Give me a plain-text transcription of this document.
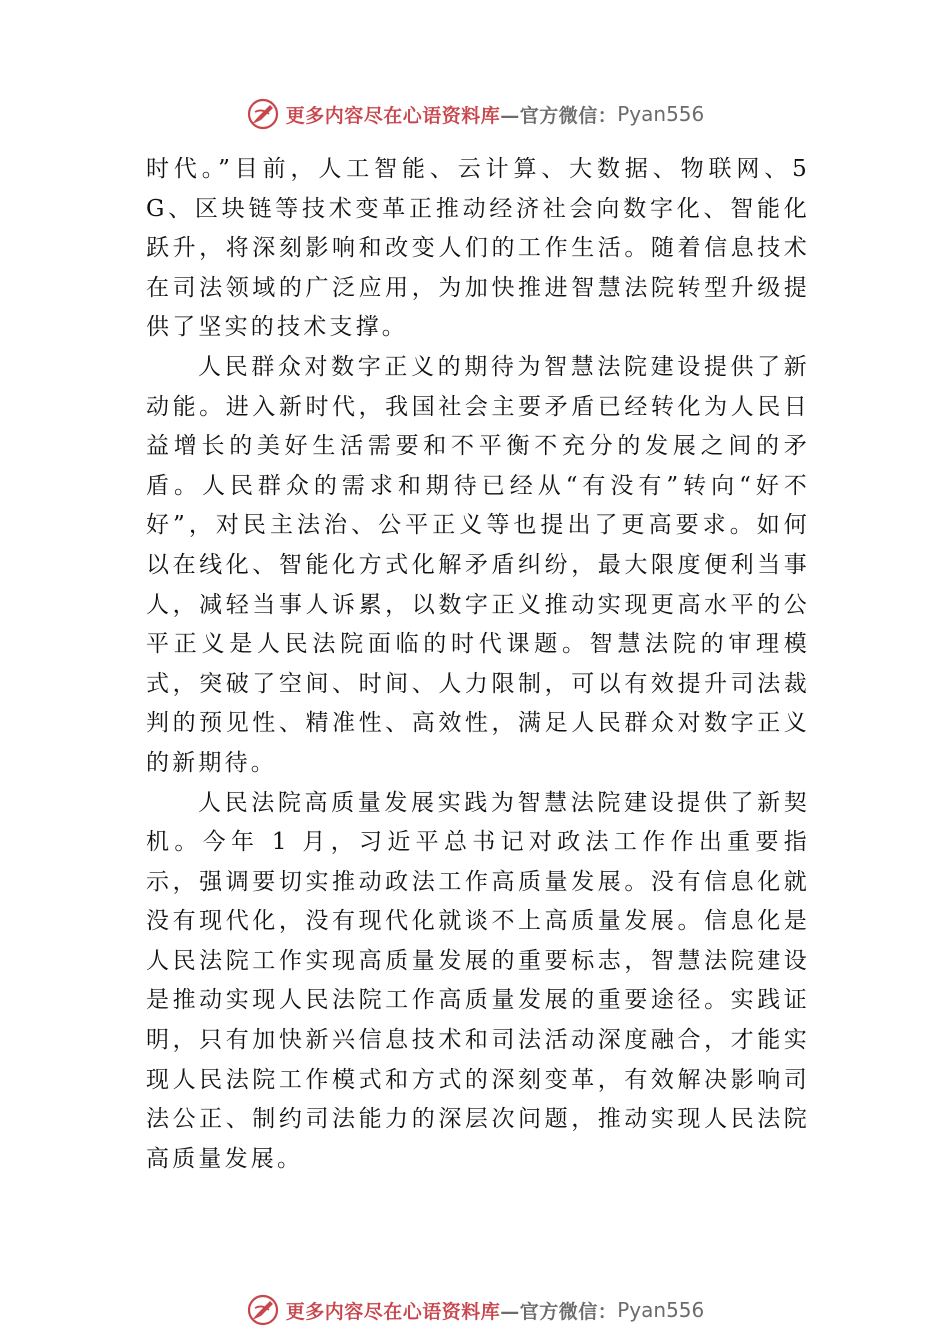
更多内容尽在心语资料库 —官方微信： Pyan556

时代。”目前，人工智能、云计算、大数据、物联网、5G、区块链等技术变革正推动经济社会向数字化、智能化跃升，将深刻影响和改变人们的工作生活。随着信息技术在司法领域的广泛应用，为加快推进智慧法院转型升级提供了坚实的技术支撑。

人民群众对数字正义的期待为智慧法院建设提供了新动能。进入新时代，我国社会主要矛盾已经转化为人民日益增长的美好生活需要和不平衡不充分的发展之间的矛盾。人民群众的需求和期待已经从“有没有”转向“好不好”，对民主法治、公平正义等也提出了更高要求。如何以在线化、智能化方式化解矛盾纠纷，最大限度便利当事人，减轻当事人诉累，以数字正义推动实现更高水平的公平正义是人民法院面临的时代课题。智慧法院的审理模式，突破了空间、时间、人力限制，可以有效提升司法裁判的预见性、精准性、高效性，满足人民群众对数字正义的新期待。

人民法院高质量发展实践为智慧法院建设提供了新契机。今年 1 月，习近平总书记对政法工作作出重要指示，强调要切实推动政法工作高质量发展。没有信息化就没有现代化，没有现代化就谈不上高质量发展。信息化是人民法院工作实现高质量发展的重要标志，智慧法院建设是推动实现人民法院工作高质量发展的重要途径。实践证明，只有加快新兴信息技术和司法活动深度融合，才能实现人民法院工作模式和方式的深刻变革，有效解决影响司法公正、制约司法能力的深层次问题，推动实现人民法院高质量发展。

更多内容尽在心语资料库 —官方微信： Pyan556
